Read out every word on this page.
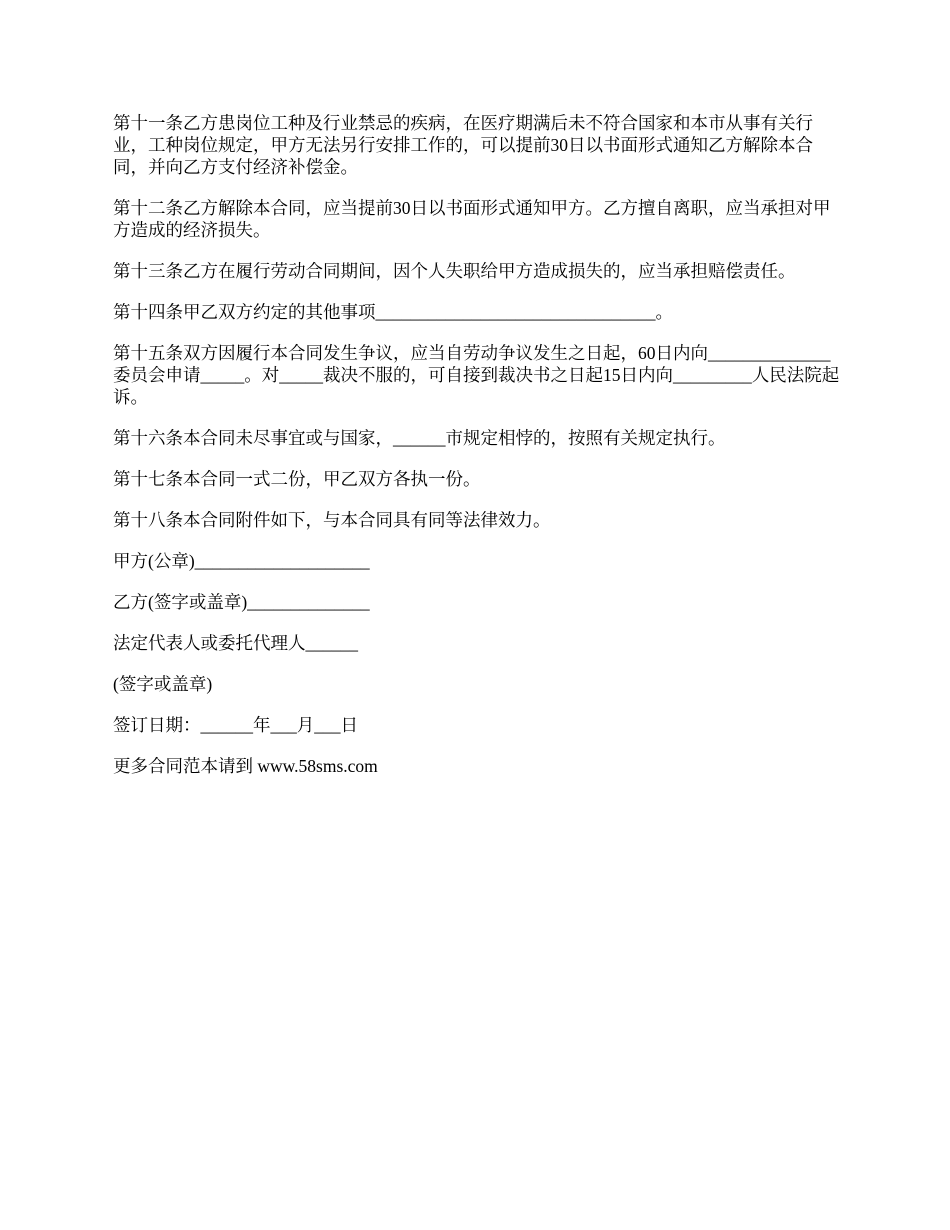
第十一条乙方患岗位工种及行业禁忌的疾病，在医疗期满后未不符合国家和本市从事有关行业，工种岗位规定，甲方无法另行安排工作的，可以提前30日以书面形式通知乙方解除本合同，并向乙方支付经济补偿金。

第十二条乙方解除本合同，应当提前30日以书面形式通知甲方。乙方擅自离职，应当承担对甲方造成的经济损失。

第十三条乙方在履行劳动合同期间，因个人失职给甲方造成损失的，应当承担赔偿责任。

第十四条甲乙双方约定的其他事项________________________________。

第十五条双方因履行本合同发生争议，应当自劳动争议发生之日起，60日内向______________委员会申请_____。对_____裁决不服的，可自接到裁决书之日起15日内向_________人民法院起诉。

第十六条本合同未尽事宜或与国家，______市规定相悖的，按照有关规定执行。

第十七条本合同一式二份，甲乙双方各执一份。

第十八条本合同附件如下，与本合同具有同等法律效力。

甲方(公章)____________________

乙方(签字或盖章)______________

法定代表人或委托代理人______

(签字或盖章)

签订日期：______年___月___日

更多合同范本请到 www.58sms.com
